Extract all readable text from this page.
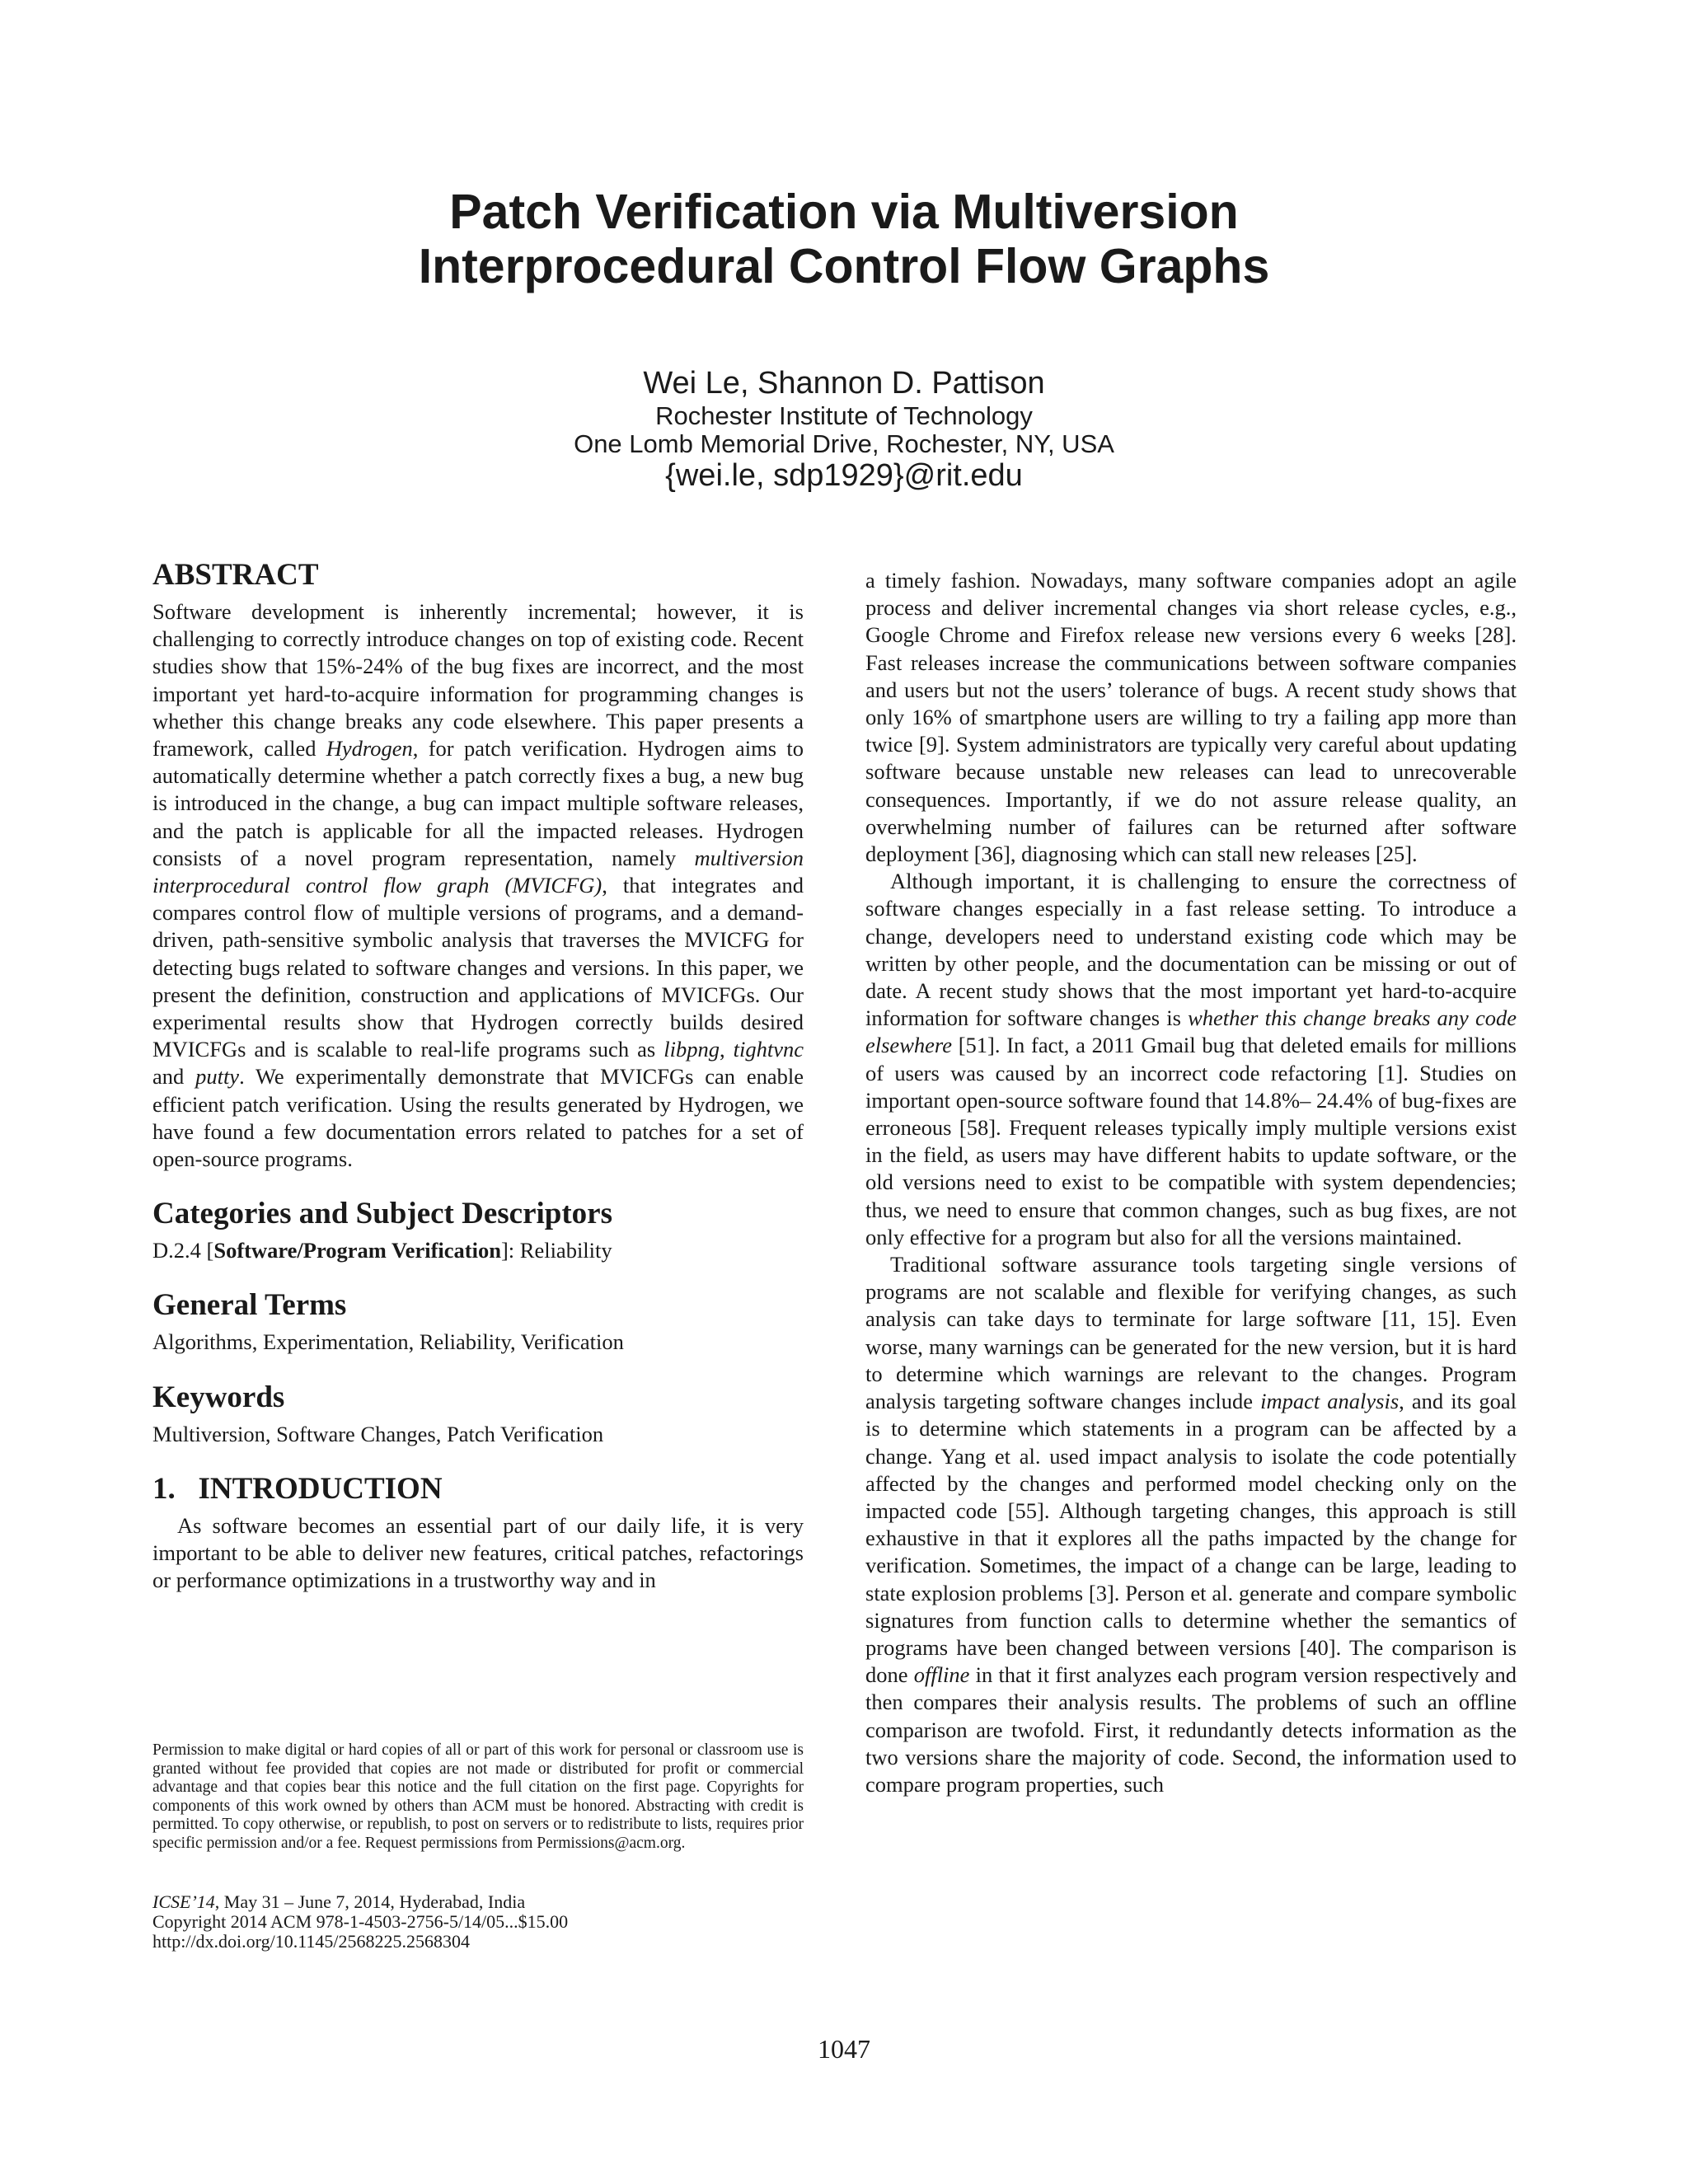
Patch Verification via Multiversion
Interprocedural Control Flow Graphs
Wei Le, Shannon D. Pattison
Rochester Institute of Technology
One Lomb Memorial Drive, Rochester, NY, USA
{wei.le, sdp1929}@rit.edu
ABSTRACT

Software development is inherently incremental; however, it is challenging to correctly introduce changes on top of existing code. Recent studies show that 15%-24% of the bug fixes are incorrect, and the most important yet hard-to-acquire information for programming changes is whether this change breaks any code elsewhere. This paper presents a framework, called Hydrogen, for patch verification. Hydrogen aims to automatically determine whether a patch correctly fixes a bug, a new bug is introduced in the change, a bug can impact multiple software releases, and the patch is applicable for all the impacted releases. Hydrogen consists of a novel program representation, namely multiversion interprocedural control flow graph (MVICFG), that integrates and compares control flow of multiple versions of programs, and a demand-driven, path-sensitive symbolic analysis that traverses the MVICFG for detecting bugs related to software changes and versions. In this paper, we present the definition, construction and applications of MVICFGs. Our experimental results show that Hydrogen correctly builds desired MVICFGs and is scalable to real-life programs such as libpng, tightvnc and putty. We experimentally demonstrate that MVICFGs can enable efficient patch verification. Using the results generated by Hydrogen, we have found a few documentation errors related to patches for a set of open-source programs.

Categories and Subject Descriptors

D.2.4 [Software/Program Verification]: Reliability

General Terms

Algorithms, Experimentation, Reliability, Verification

Keywords

Multiversion, Software Changes, Patch Verification

1.   INTRODUCTION

As software becomes an essential part of our daily life, it is very important to be able to deliver new features, critical patches, refactorings or performance optimizations in a trustworthy way and in

Permission to make digital or hard copies of all or part of this work for personal or classroom use is granted without fee provided that copies are not made or distributed for profit or commercial advantage and that copies bear this notice and the full citation on the first page. Copyrights for components of this work owned by others than ACM must be honored. Abstracting with credit is permitted. To copy otherwise, or republish, to post on servers or to redistribute to lists, requires prior specific permission and/or a fee. Request permissions from Permissions@acm.org.
ICSE’14, May 31 – June 7, 2014, Hyderabad, India
Copyright 2014 ACM 978-1-4503-2756-5/14/05...$15.00
http://dx.doi.org/10.1145/2568225.2568304

a timely fashion. Nowadays, many software companies adopt an agile process and deliver incremental changes via short release cycles, e.g., Google Chrome and Firefox release new versions every 6 weeks [28]. Fast releases increase the communications between software companies and users but not the users’ tolerance of bugs. A recent study shows that only 16% of smartphone users are willing to try a failing app more than twice [9]. System administrators are typically very careful about updating software because unstable new releases can lead to unrecoverable consequences. Importantly, if we do not assure release quality, an overwhelming number of failures can be returned after software deployment [36], diagnosing which can stall new releases [25].

Although important, it is challenging to ensure the correctness of software changes especially in a fast release setting. To introduce a change, developers need to understand existing code which may be written by other people, and the documentation can be missing or out of date. A recent study shows that the most important yet hard-to-acquire information for software changes is whether this change breaks any code elsewhere [51]. In fact, a 2011 Gmail bug that deleted emails for millions of users was caused by an incorrect code refactoring [1]. Studies on important open-source software found that 14.8%– 24.4% of bug-fixes are erroneous [58]. Frequent releases typically imply multiple versions exist in the field, as users may have different habits to update software, or the old versions need to exist to be compatible with system dependencies; thus, we need to ensure that common changes, such as bug fixes, are not only effective for a program but also for all the versions maintained.

Traditional software assurance tools targeting single versions of programs are not scalable and flexible for verifying changes, as such analysis can take days to terminate for large software [11, 15]. Even worse, many warnings can be generated for the new version, but it is hard to determine which warnings are relevant to the changes. Program analysis targeting software changes include impact analysis, and its goal is to determine which statements in a program can be affected by a change. Yang et al. used impact analysis to isolate the code potentially affected by the changes and performed model checking only on the impacted code [55]. Although targeting changes, this approach is still exhaustive in that it explores all the paths impacted by the change for verification. Sometimes, the impact of a change can be large, leading to state explosion problems [3]. Person et al. generate and compare symbolic signatures from function calls to determine whether the semantics of programs have been changed between versions [40]. The comparison is done offline in that it first analyzes each program version respectively and then compares their analysis results. The problems of such an offline comparison are twofold. First, it redundantly detects information as the two versions share the majority of code. Second, the information used to compare program properties, such

1047
